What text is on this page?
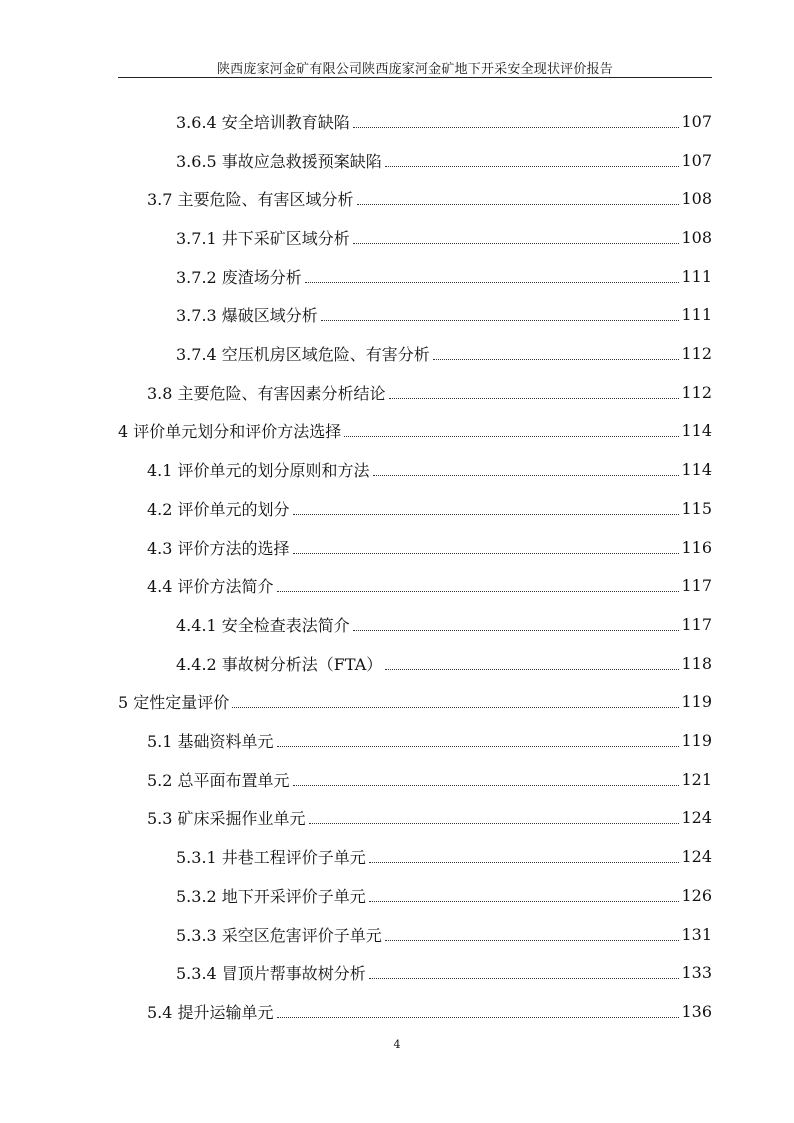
陕西庞家河金矿有限公司陕西庞家河金矿地下开采安全现状评价报告
3.6.4 安全培训教育缺陷	107
3.6.5 事故应急救援预案缺陷	107
3.7 主要危险、有害区域分析	108
3.7.1 井下采矿区域分析	108
3.7.2 废渣场分析	111
3.7.3 爆破区域分析	111
3.7.4 空压机房区域危险、有害分析	112
3.8 主要危险、有害因素分析结论	112
4 评价单元划分和评价方法选择	114
4.1 评价单元的划分原则和方法	114
4.2 评价单元的划分	115
4.3 评价方法的选择	116
4.4 评价方法简介	117
4.4.1 安全检查表法简介	117
4.4.2 事故树分析法（FTA）	118
5 定性定量评价	119
5.1 基础资料单元	119
5.2 总平面布置单元	121
5.3 矿床采掘作业单元	124
5.3.1 井巷工程评价子单元	124
5.3.2 地下开采评价子单元	126
5.3.3 采空区危害评价子单元	131
5.3.4 冒顶片帮事故树分析	133
5.4 提升运输单元	136
4
